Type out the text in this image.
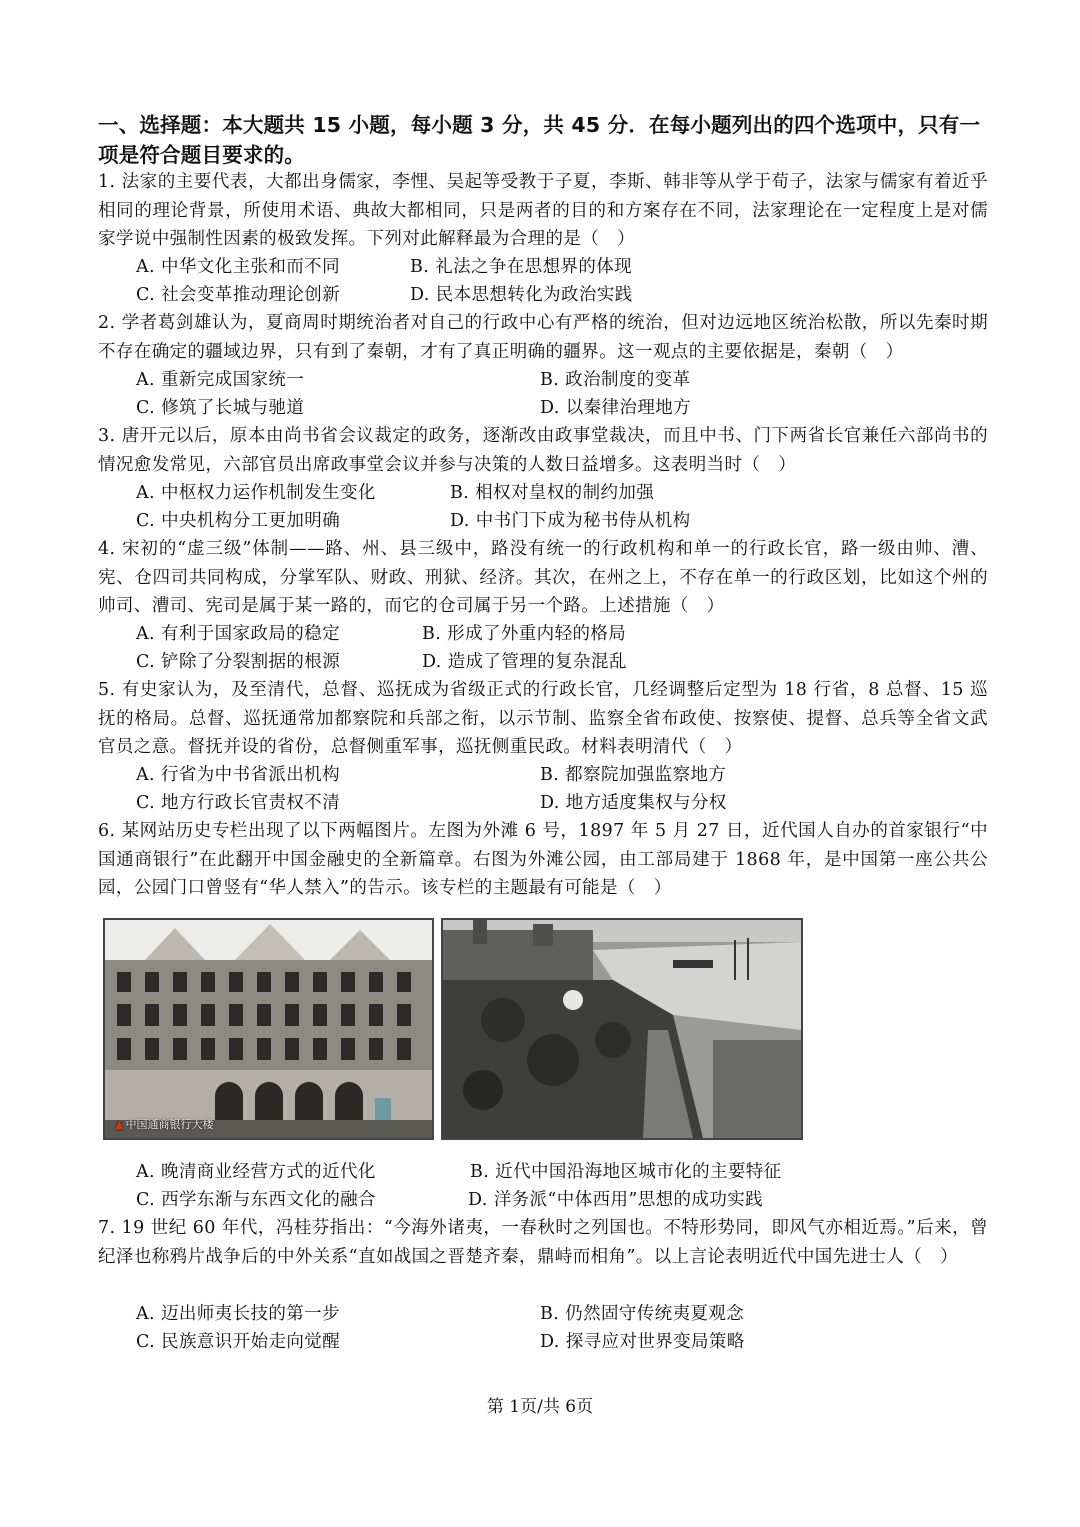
一、选择题：本大题共 15 小题，每小题 3 分，共 45 分．在每小题列出的四个选项中，只有一项是符合题目要求的。
1. 法家的主要代表，大都出身儒家，李悝、吴起等受教于子夏，李斯、韩非等从学于荀子，法家与儒家有着近乎相同的理论背景，所使用术语、典故大都相同，只是两者的目的和方案存在不同，法家理论在一定程度上是对儒家学说中强制性因素的极致发挥。下列对此解释最为合理的是（　）
A. 中华文化主张和而不同	B. 礼法之争在思想界的体现
C. 社会变革推动理论创新	D. 民本思想转化为政治实践
2. 学者葛剑雄认为，夏商周时期统治者对自己的行政中心有严格的统治，但对边远地区统治松散，所以先秦时期不存在确定的疆域边界，只有到了秦朝，才有了真正明确的疆界。这一观点的主要依据是，秦朝（　）
A. 重新完成国家统一	B. 政治制度的变革
C. 修筑了长城与驰道	D. 以秦律治理地方
3. 唐开元以后，原本由尚书省会议裁定的政务，逐渐改由政事堂裁决，而且中书、门下两省长官兼任六部尚书的情况愈发常见，六部官员出席政事堂会议并参与决策的人数日益增多。这表明当时（　）
A. 中枢权力运作机制发生变化	B. 相权对皇权的制约加强
C. 中央机构分工更加明确	D. 中书门下成为秘书侍从机构
4. 宋初的“虚三级”体制——路、州、县三级中，路没有统一的行政机构和单一的行政长官，路一级由帅、漕、宪、仓四司共同构成，分掌军队、财政、刑狱、经济。其次，在州之上，不存在单一的行政区划，比如这个州的帅司、漕司、宪司是属于某一路的，而它的仓司属于另一个路。上述措施（　）
A. 有利于国家政局的稳定	B. 形成了外重内轻的格局
C. 铲除了分裂割据的根源	D. 造成了管理的复杂混乱
5. 有史家认为，及至清代，总督、巡抚成为省级正式的行政长官，几经调整后定型为 18 行省，8 总督、15 巡抚的格局。总督、巡抚通常加都察院和兵部之衔，以示节制、监察全省布政使、按察使、提督、总兵等全省文武官员之意。督抚并设的省份，总督侧重军事，巡抚侧重民政。材料表明清代（　）
A. 行省为中书省派出机构	B. 都察院加强监察地方
C. 地方行政长官责权不清	D. 地方适度集权与分权
6. 某网站历史专栏出现了以下两幅图片。左图为外滩 6 号，1897 年 5 月 27 日，近代国人自办的首家银行“中国通商银行”在此翻开中国金融史的全新篇章。右图为外滩公园，由工部局建于 1868 年，是中国第一座公共公园，公园门口曾竖有“华人禁入”的告示。该专栏的主题最有可能是（　）
▲ 中国通商银行大楼
A. 晚清商业经营方式的近代化	B. 近代中国沿海地区城市化的主要特征
C. 西学东渐与东西文化的融合	D. 洋务派“中体西用”思想的成功实践
7. 19 世纪 60 年代，冯桂芬指出：“今海外诸夷，一春秋时之列国也。不特形势同，即风气亦相近焉。”后来，曾纪泽也称鸦片战争后的中外关系“直如战国之晋楚齐秦，鼎峙而相角”。以上言论表明近代中国先进士人（　）
A. 迈出师夷长技的第一步	B. 仍然固守传统夷夏观念
C. 民族意识开始走向觉醒	D. 探寻应对世界变局策略
第 1页/共 6页
